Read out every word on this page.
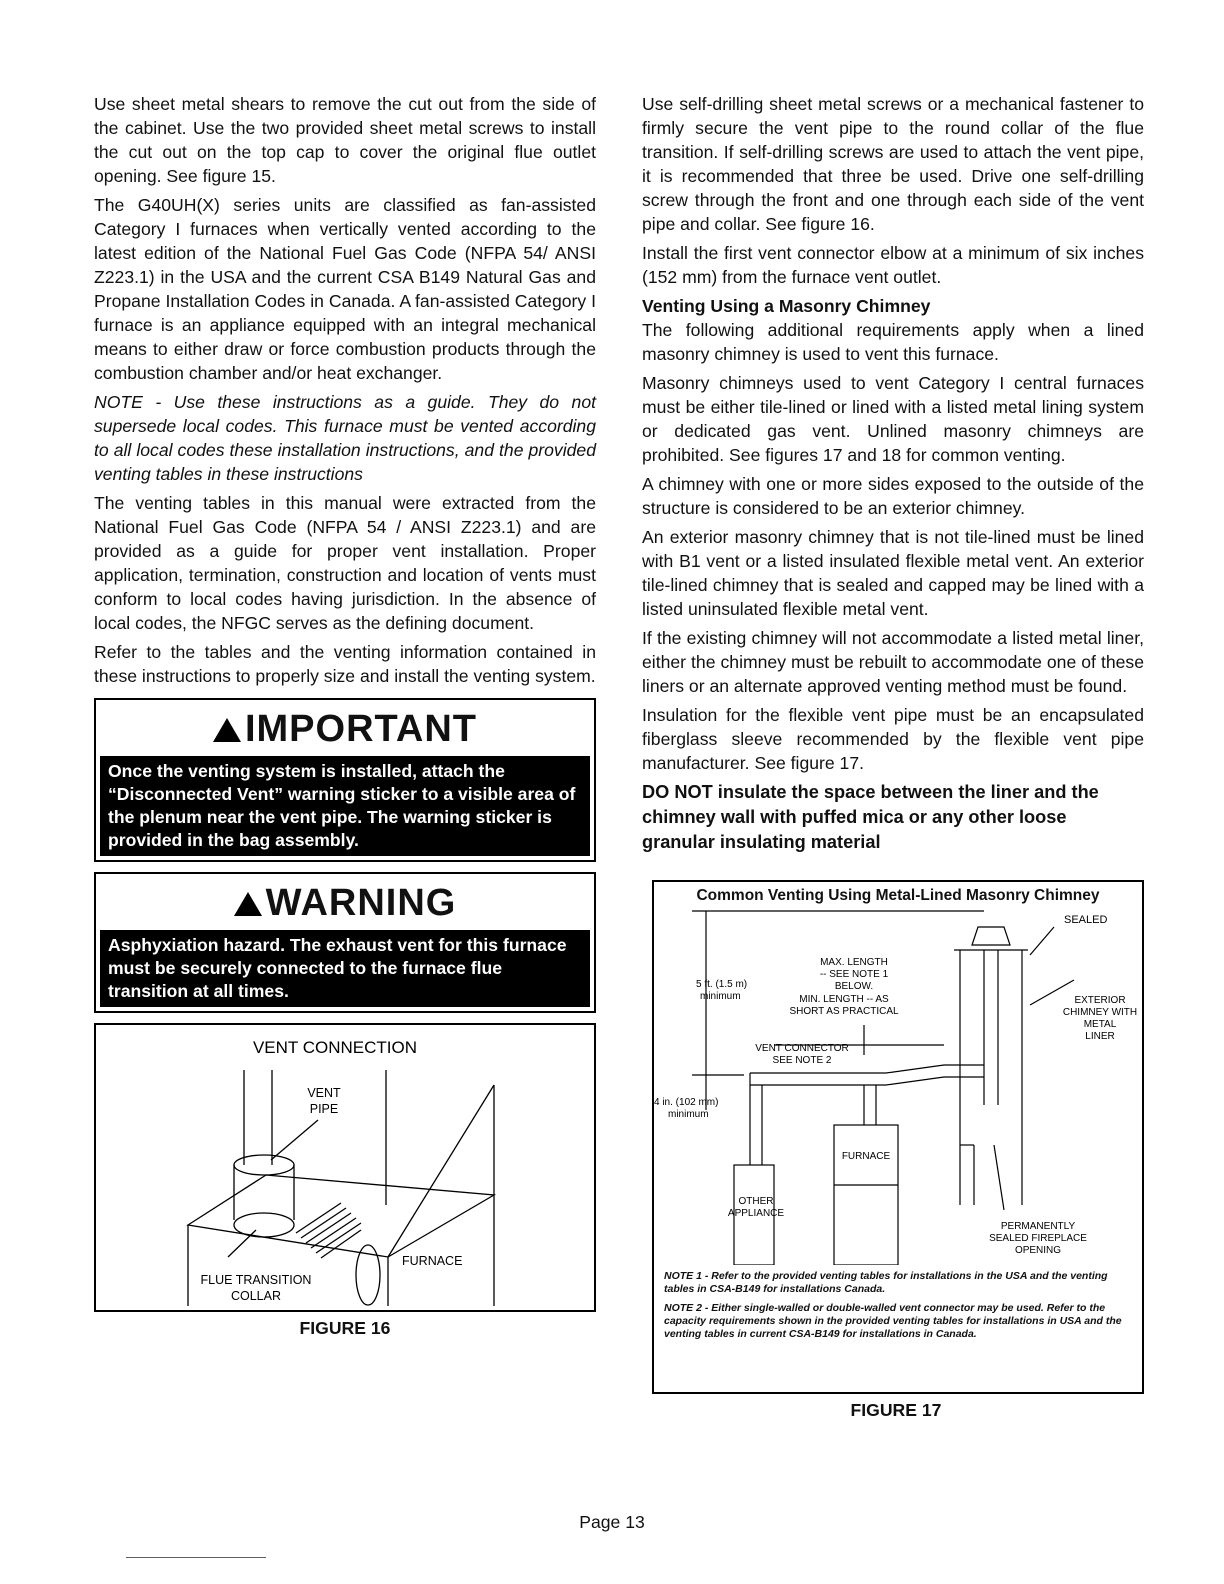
Use sheet metal shears to remove the cut out from the side of the cabinet. Use the two provided sheet metal screws to install the cut out on the top cap to cover the original flue outlet opening. See figure 15.

The G40UH(X) series units are classified as fan-assisted Category I furnaces when vertically vented according to the latest edition of the National Fuel Gas Code (NFPA 54/ ANSI Z223.1) in the USA and the current CSA B149 Natural Gas and Propane Installation Codes in Canada. A fan-assisted Category I furnace is an appliance equipped with an integral mechanical means to either draw or force combustion products through the combustion chamber and/or heat exchanger.

NOTE - Use these instructions as a guide. They do not supersede local codes. This furnace must be vented according to all local codes these installation instructions, and the provided venting tables in these instructions

The venting tables in this manual were extracted from the National Fuel Gas Code (NFPA 54 / ANSI Z223.1) and are provided as a guide for proper vent installation. Proper application, termination, construction and location of vents must conform to local codes having jurisdiction. In the absence of local codes, the NFGC serves as the defining document.

Refer to the tables and the venting information contained in these instructions to properly size and install the venting system.

IMPORTANT
Once the venting system is installed, attach the “Disconnected Vent” warning sticker to a visible area of the plenum near the vent pipe. The warning sticker is provided in the bag assembly.
WARNING
Asphyxiation hazard. The exhaust vent for this furnace must be securely connected to the furnace flue transition at all times.
VENT CONNECTION
VENT
PIPE
FURNACE
FLUE TRANSITION
COLLAR
FIGURE 16

Use self-drilling sheet metal screws or a mechanical fastener to firmly secure the vent pipe to the round collar of the flue transition. If self-drilling screws are used to attach the vent pipe, it is recommended that three be used. Drive one self-drilling screw through the front and one through each side of the vent pipe and collar. See figure 16.

Install the first vent connector elbow at a minimum of six inches (152 mm) from the furnace vent outlet.

Venting Using a Masonry Chimney

The following additional requirements apply when a lined masonry chimney is used to vent this furnace.

Masonry chimneys used to vent Category I central furnaces must be either tile-lined or lined with a listed metal lining system or dedicated gas vent. Unlined masonry chimneys are prohibited. See figures 17 and 18 for common venting.

A chimney with one or more sides exposed to the outside of the structure is considered to be an exterior chimney.

An exterior masonry chimney that is not tile-lined must be lined with B1 vent or a listed insulated flexible metal vent. An exterior tile-lined chimney that is sealed and capped may be lined with a listed uninsulated flexible metal vent.

If the existing chimney will not accommodate a listed metal liner, either the chimney must be rebuilt to accommodate one of these liners or an alternate approved venting method must be found.

Insulation for the flexible vent pipe must be an encapsulated fiberglass sleeve recommended by the flexible vent pipe manufacturer. See figure 17.

DO NOT insulate the space between the liner and the chimney wall with puffed mica or any other loose granular insulating material
Common Venting Using Metal-Lined Masonry Chimney
SEALED
MAX. LENGTH
-- SEE NOTE 1
BELOW.
MIN. LENGTH -- AS
SHORT AS PRACTICAL
5 ft. (1.5 m)
minimum	EXTERIOR
CHIMNEY WITH
METAL
LINER
VENT CONNECTOR
SEE NOTE 2
4 in. (102 mm)
minimum
FURNACE
OTHER
APPLIANCE
PERMANENTLY
SEALED FIREPLACE
OPENING
NOTE 1 - Refer to the provided venting tables for installations in the USA and the venting tables in CSA-B149 for installations Canada.
NOTE 2 - Either single-walled or double-walled vent connector may be used. Refer to the capacity requirements shown in the provided venting tables for installations in USA and the venting tables in current CSA-B149 for installations in Canada.
FIGURE 17
Page 13
